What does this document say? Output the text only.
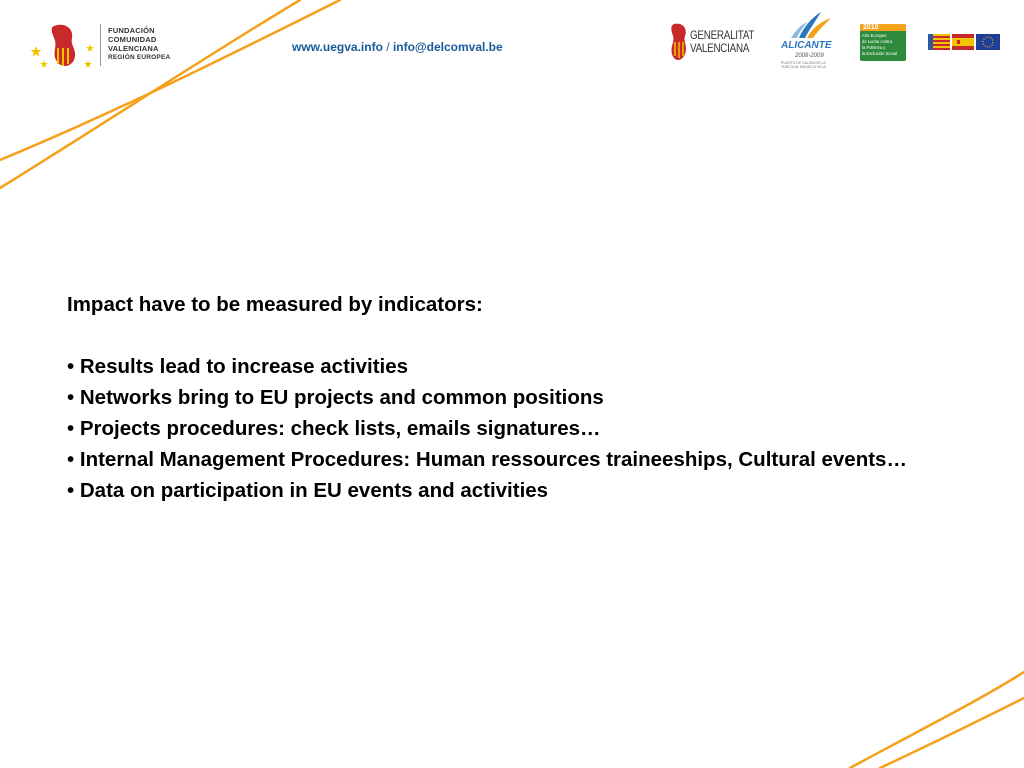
FUNDACIÓN
COMUNIDAD
VALENCIANA
REGIÓN EUROPEA
www.uegva.info / info@delcomval.be
GENERALITAT
VALENCIANA	ALICANTE
2008-2009
PUERTO DE SALIDA DE LA VUELTA AL MUNDO A VELA
2010
Año Europeo
de Lucha contra
la Pobreza y
la Exclusión Social
Impact have to be measured by indicators:
• Results lead to increase activities
• Networks bring to EU projects and common positions
• Projects procedures: check lists, emails signatures…
• Internal Management Procedures: Human ressources traineeships, Cultural events…
• Data on participation in EU events and activities
